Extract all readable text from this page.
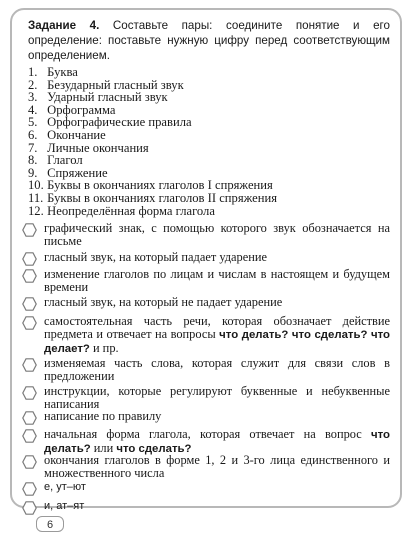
Задание 4. Составьте пары: соедините понятие и его определение: поставьте нужную цифру перед соответствующим определением.
1. Буква
2. Безударный гласный звук
3. Ударный гласный звук
4. Орфограмма
5. Орфографические правила
6. Окончание
7. Личные окончания
8. Глагол
9. Спряжение
10. Буквы в окончаниях глаголов I спряжения
11. Буквы в окончаниях глаголов II спряжения
12. Неопределённая форма глагола
графический знак, с помощью которого звук обозначается на письме
гласный звук, на который падает ударение
изменение глаголов по лицам и числам в настоящем и будущем времени
гласный звук, на который не падает ударение
самостоятельная часть речи, которая обозначает действие предмета и отвечает на вопросы что делать? что сделать? что делает? и пр.
изменяемая часть слова, которая служит для связи слов в предложении
инструкции, которые регулируют буквенные и небуквенные написания
написание по правилу
начальная форма глагола, которая отвечает на вопрос что делать? или что сделать?
окончания глаголов в форме 1, 2 и 3-го лица единственного и множественного числа
е, ут–ют
и, ат–ят
6
